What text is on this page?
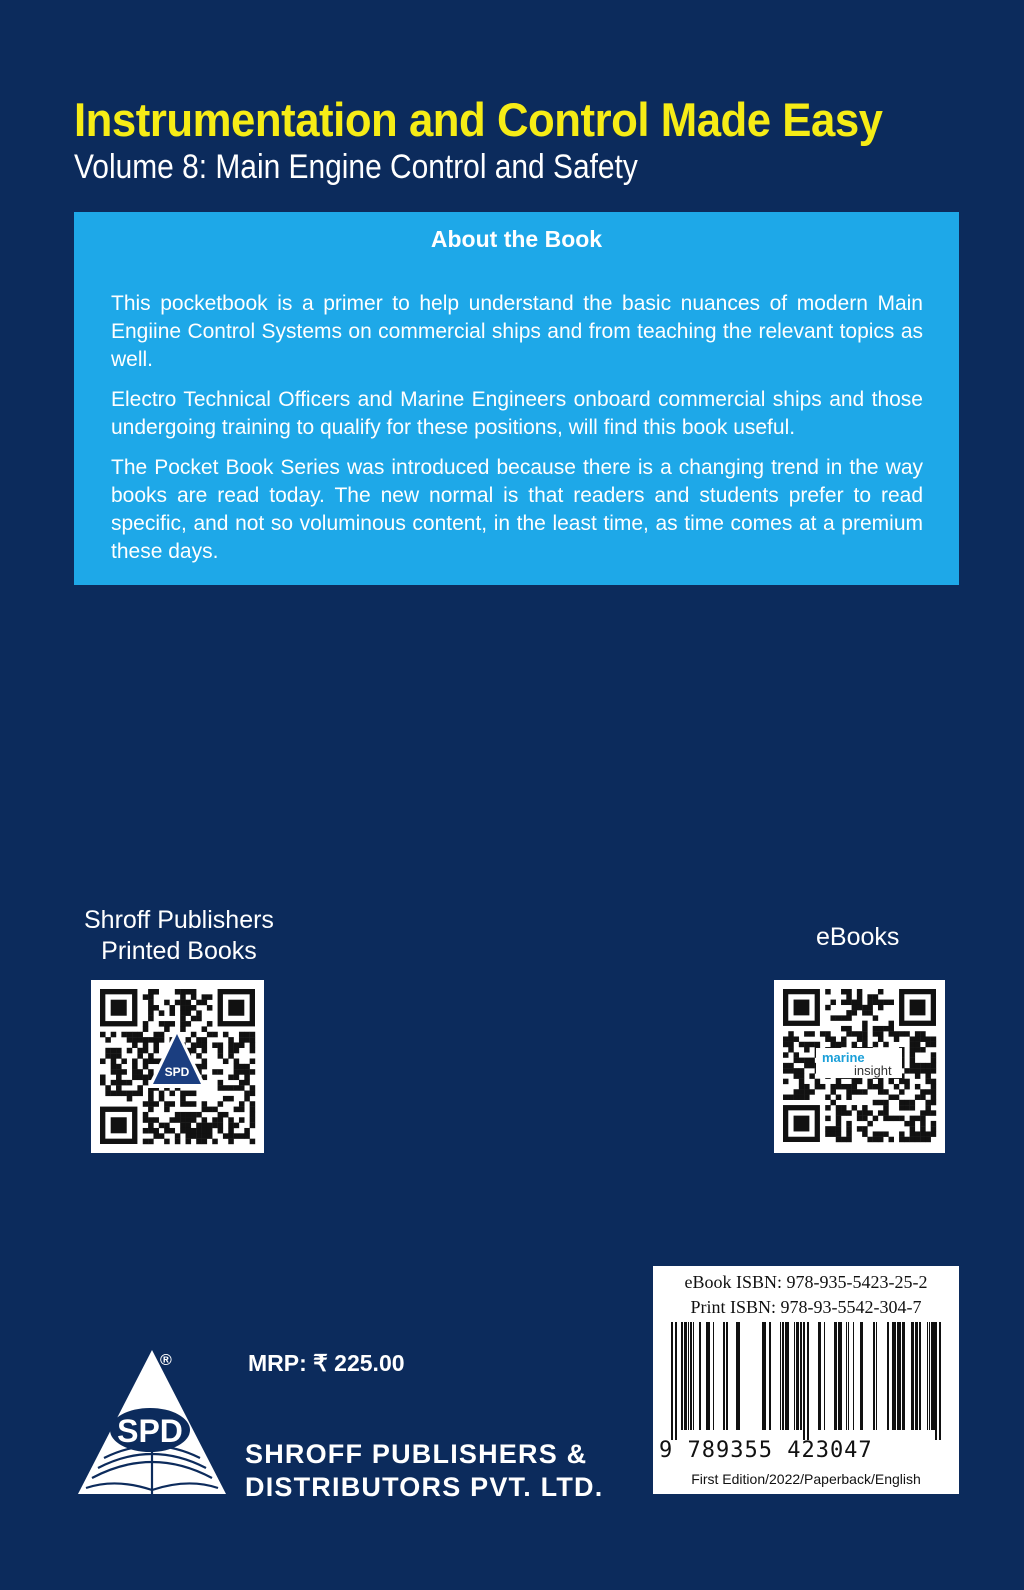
Instrumentation and Control Made Easy
Volume 8: Main Engine Control and Safety
About the Book
This pocketbook is a primer to help understand the basic nuances of modern Main Engiine Control Systems on commercial ships and from teaching the relevant topics as well.
Electro Technical Officers and Marine Engineers onboard commercial ships and those undergoing training to qualify for these positions, will find this book useful.
The Pocket Book Series was introduced because there is a changing trend in the way books are read today. The new normal is that readers and students prefer to read specific, and not so voluminous content, in the least time, as time comes at a premium these days.
Shroff Publishers
Printed Books
SPD
eBooks
marine
insight
SPD
®	MRP: ₹ 225.00
SHROFF PUBLISHERS &
DISTRIBUTORS PVT. LTD.
eBook ISBN: 978-935-5423-25-2
Print ISBN: 978-93-5542-304-7
9 789355 423047
First Edition/2022/Paperback/English
